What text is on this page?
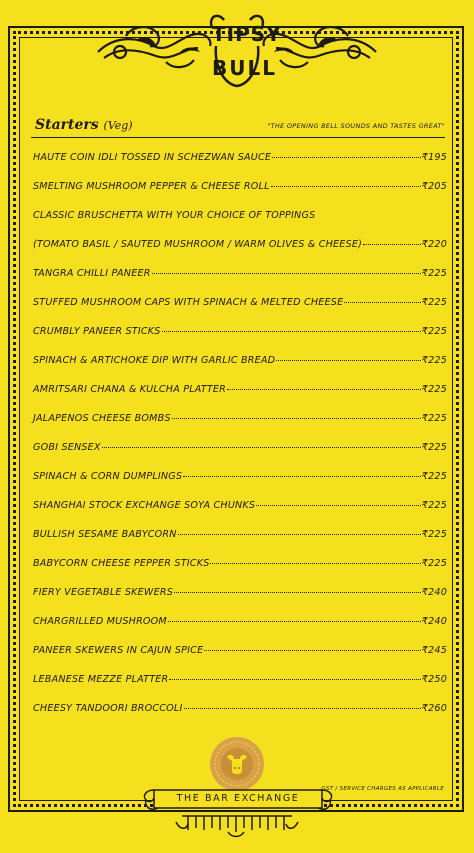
TIPSY
BULL
Starters (Veg)	"THE OPENING BELL SOUNDS AND TASTES GREAT"
HAUTE COIN IDLI TOSSED IN SCHEZWAN SAUCE	₹195
SMELTING MUSHROOM PEPPER & CHEESE ROLL	₹205
CLASSIC BRUSCHETTA WITH YOUR CHOICE OF TOPPINGS
(TOMATO BASIL / SAUTED MUSHROOM / WARM OLIVES & CHEESE)	₹220
TANGRA CHILLI PANEER	₹225
STUFFED MUSHROOM CAPS WITH SPINACH & MELTED CHEESE	₹225
CRUMBLY PANEER STICKS	₹225
SPINACH & ARTICHOKE DIP WITH GARLIC BREAD	₹225
AMRITSARI CHANA & KULCHA PLATTER	₹225
JALAPENOS CHEESE BOMBS	₹225
GOBI SENSEX	₹225
SPINACH & CORN DUMPLINGS	₹225
SHANGHAI STOCK EXCHANGE SOYA CHUNKS	₹225
BULLISH SESAME BABYCORN	₹225
BABYCORN CHEESE PEPPER STICKS	₹225
FIERY VEGETABLE SKEWERS	₹240
CHARGRILLED MUSHROOM	₹240
PANEER SKEWERS IN CAJUN SPICE	₹245
LEBANESE MEZZE PLATTER	₹250
CHEESY TANDOORI BROCCOLI	₹260
THE BAR EXCHANGE
GST / SERVICE CHARGES AS APPLICABLE
